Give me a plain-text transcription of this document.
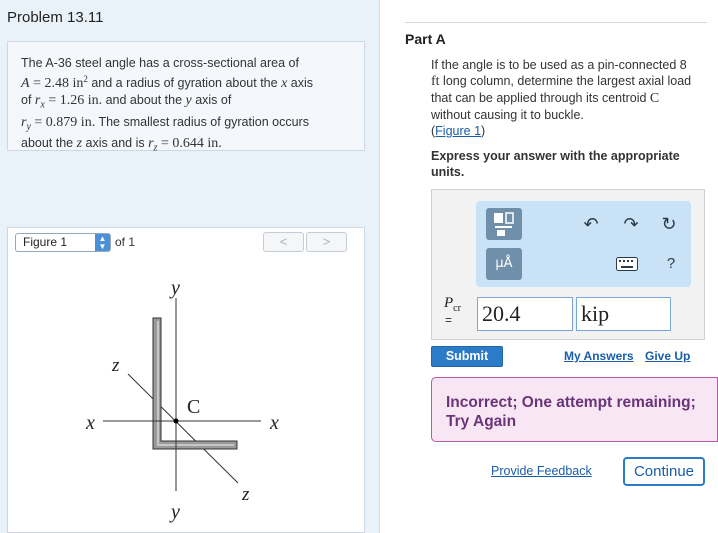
Problem 13.11
The A-36 steel angle has a cross-sectional area of
A = 2.48 $in^2$ and a radius of gyration about the x axis
of $r_x = 1.26$ in. and about the y axis of
$r_y = 0.879$ in. The smallest radius of gyration occurs
about the z axis and is $r_z = 0.644$ in.
Figure 1	▲
▼ of 1	<	>
y
y
x	x
z
z
C
Part A
If the angle is to be used as a pin-connected 8
ft long column, determine the largest axial load
that can be applied through its centroid C
without causing it to buckle.
(Figure 1)
Express your answer with the appropriate units.
μÅ
↶ ↷ ↻
?
$P_{cr}$
= 20.4	kip
Submit	My Answers Give Up
Incorrect; One attempt remaining;
Try Again
Provide Feedback	Continue
